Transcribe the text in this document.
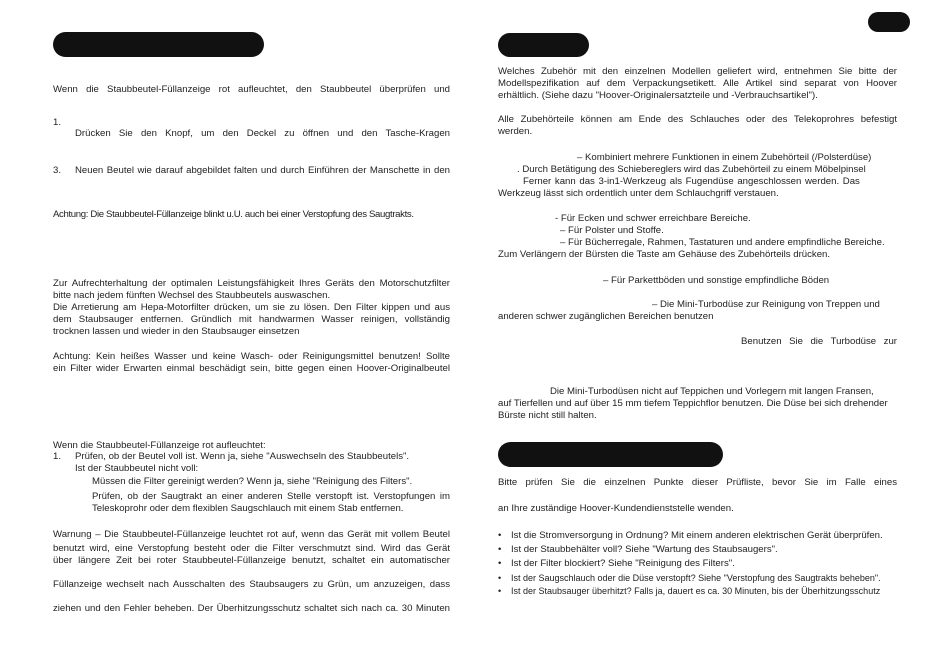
Wenn die Staubbeutel-Füllanzeige rot aufleuchtet, den Staubbeutel überprüfen und
1.
Drücken Sie den Knopf, um den Deckel zu öffnen und den Tasche-Kragen
3. Neuen Beutel wie darauf abgebildet falten und durch Einführen der Manschette in den
Achtung: Die Staubbeutel-Füllanzeige blinkt u.U. auch bei einer Verstopfung des Saugtrakts.
Zur Aufrechterhaltung der optimalen Leistungsfähigkeit Ihres Geräts den Motorschutzfilter
bitte nach jedem fünften Wechsel des Staubbeutels auswaschen.
Die Arretierung am Hepa-Motorfilter drücken, um sie zu lösen. Den Filter kippen und aus
dem Staubsauger entfernen. Gründlich mit handwarmen Wasser reinigen, vollständig
trocknen lassen und wieder in den Staubsauger einsetzen
Achtung: Kein heißes Wasser und keine Wasch- oder Reinigungsmittel benutzen! Sollte
ein Filter wider Erwarten einmal beschädigt sein, bitte gegen einen Hoover-Originalbeutel
Wenn die Staubbeutel-Füllanzeige rot aufleuchtet:
1. Prüfen, ob der Beutel voll ist. Wenn ja, siehe "Auswechseln des Staubbeutels".
Ist der Staubbeutel nicht voll:
Müssen die Filter gereinigt werden? Wenn ja, siehe "Reinigung des Filters".
Prüfen, ob der Saugtrakt an einer anderen Stelle verstopft ist. Verstopfungen im
Teleskoprohr oder dem flexiblen Saugschlauch mit einem Stab entfernen.
Warnung – Die Staubbeutel-Füllanzeige leuchtet rot auf, wenn das Gerät mit vollem Beutel
benutzt wird, eine Verstopfung besteht oder die Filter verschmutzt sind. Wird das Gerät
über längere Zeit bei roter Staubbeutel-Füllanzeige benutzt, schaltet ein automatischer
Füllanzeige wechselt nach Ausschalten des Staubsaugers zu Grün, um anzuzeigen, dass
ziehen und den Fehler beheben. Der Überhitzungsschutz schaltet sich nach ca. 30 Minuten
Welches Zubehör mit den einzelnen Modellen geliefert wird, entnehmen Sie bitte der
Modellspezifikation auf dem Verpackungsetikett. Alle Artikel sind separat von Hoover
erhältlich. (Siehe dazu "Hoover-Originalersatzteile und -Verbrauchsartikel").
Alle Zubehörteile können am Ende des Schlauches oder des Telekoprohres befestigt
werden.
– Kombiniert mehrere Funktionen in einem Zubehörteil (/Polsterdüse)
. Durch Betätigung des Schiebereglers wird das Zubehörteil zu einem Möbelpinsel
Ferner kann das 3-in1-Werkzeug als Fugendüse angeschlossen werden. Das
Werkzeug lässt sich ordentlich unter dem Schlauchgriff verstauen.
- Für Ecken und schwer erreichbare Bereiche.
– Für Polster und Stoffe.
– Für Bücherregale, Rahmen, Tastaturen und andere empfindliche Bereiche.
Zum Verlängern der Bürsten die Taste am Gehäuse des Zubehörteils drücken.
– Für Parkettböden und sonstige empfindliche Böden
– Die Mini-Turbodüse zur Reinigung von Treppen und
anderen schwer zugänglichen Bereichen benutzen
Benutzen Sie die Turbodüse zur
Die Mini-Turbodüsen nicht auf Teppichen und Vorlegern mit langen Fransen,
auf Tierfellen und auf über 15 mm tiefem Teppichflor benutzen. Die Düse bei sich drehender
Bürste nicht still halten.
Bitte prüfen Sie die einzelnen Punkte dieser Prüfliste, bevor Sie im Falle eines
an Ihre zuständige Hoover-Kundendienststelle wenden.
• Ist die Stromversorgung in Ordnung? Mit einem anderen elektrischen Gerät überprüfen.
• Ist der Staubbehälter voll? Siehe "Wartung des Staubsaugers".
• Ist der Filter blockiert? Siehe "Reinigung des Filters".
• Ist der Saugschlauch oder die Düse verstopft? Siehe "Verstopfung des Saugtrakts beheben".
• Ist der Staubsauger überhitzt? Falls ja, dauert es ca. 30 Minuten, bis der Überhitzungsschutz
